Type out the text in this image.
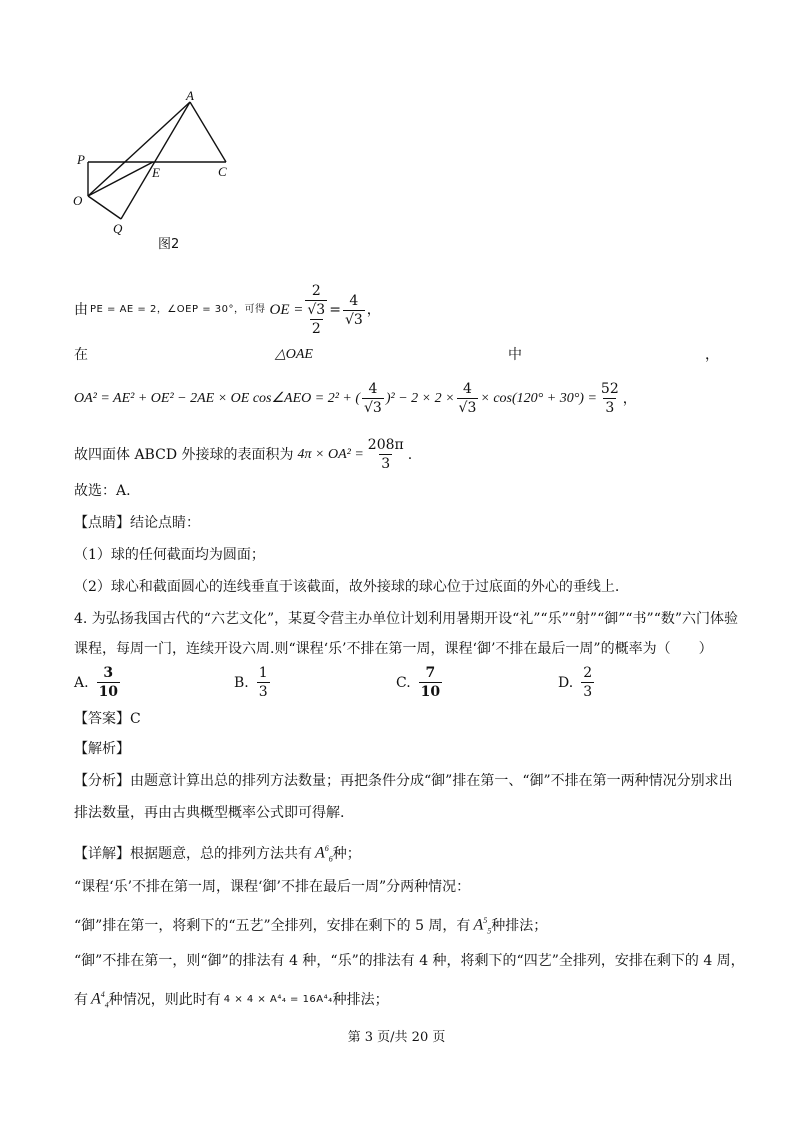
A
P
E	C
O
Q
图2
由 PE = AE = 2，∠OEP = 30°，可得 OE = 2
√3
$2 = \frac{4}{√3}$ ，
在	△OAE	中	，
OA² = AE² + OE² − 2AE × OE cos∠AEO = 2² + ( $\frac{4}{√3} )^2 - 2 \times 2 \times \frac{4}{√3} \times \cos(120^\circ + 30^\circ) = \frac{52}{3}$ ，
故四面体 ABCD 外接球的表面积为 $4\pi \times OA^2 = \frac{208\pi}{3}$ .
故选：A.
【点睛】结论点睛：
（1）球的任何截面均为圆面；
（2）球心和截面圆心的连线垂直于该截面，故外接球的球心位于过底面的外心的垂线上.
4. 为弘扬我国古代的“六艺文化”，某夏令营主办单位计划利用暑期开设“礼”“乐”“射”“御”“书”“数”六门体验
课程，每周一门，连续开设六周.则“课程‘乐’不排在第一周，课程‘御’不排在最后一周”的概率为（　　）
A. $\frac{3}{10}$	B. $\frac{1}{3}$	C. $\frac{7}{10}$	D. $\frac{2}{3}$
【答案】C
【解析】
【分析】由题意计算出总的排列方法数量；再把条件分成“御”排在第一、“御”不排在第一两种情况分别求出
排法数量，再由古典概型概率公式即可得解.
【详解】根据题意，总的排列方法共有 $A^6_6$ 种；
“课程‘乐’不排在第一周，课程‘御’不排在最后一周”分两种情况：
“御”排在第一，将剩下的“五艺”全排列，安排在剩下的 5 周，有 $A^5_5$ 种排法；
“御”不排在第一，则“御”的排法有 4 种，“乐”的排法有 4 种，将剩下的“四艺”全排列，安排在剩下的 4 周，
有 $A^4_4$ 种情况，则此时有 4 × 4 × A⁴₄ = 16A⁴₄ 种排法；
第 3 页/共 20 页
